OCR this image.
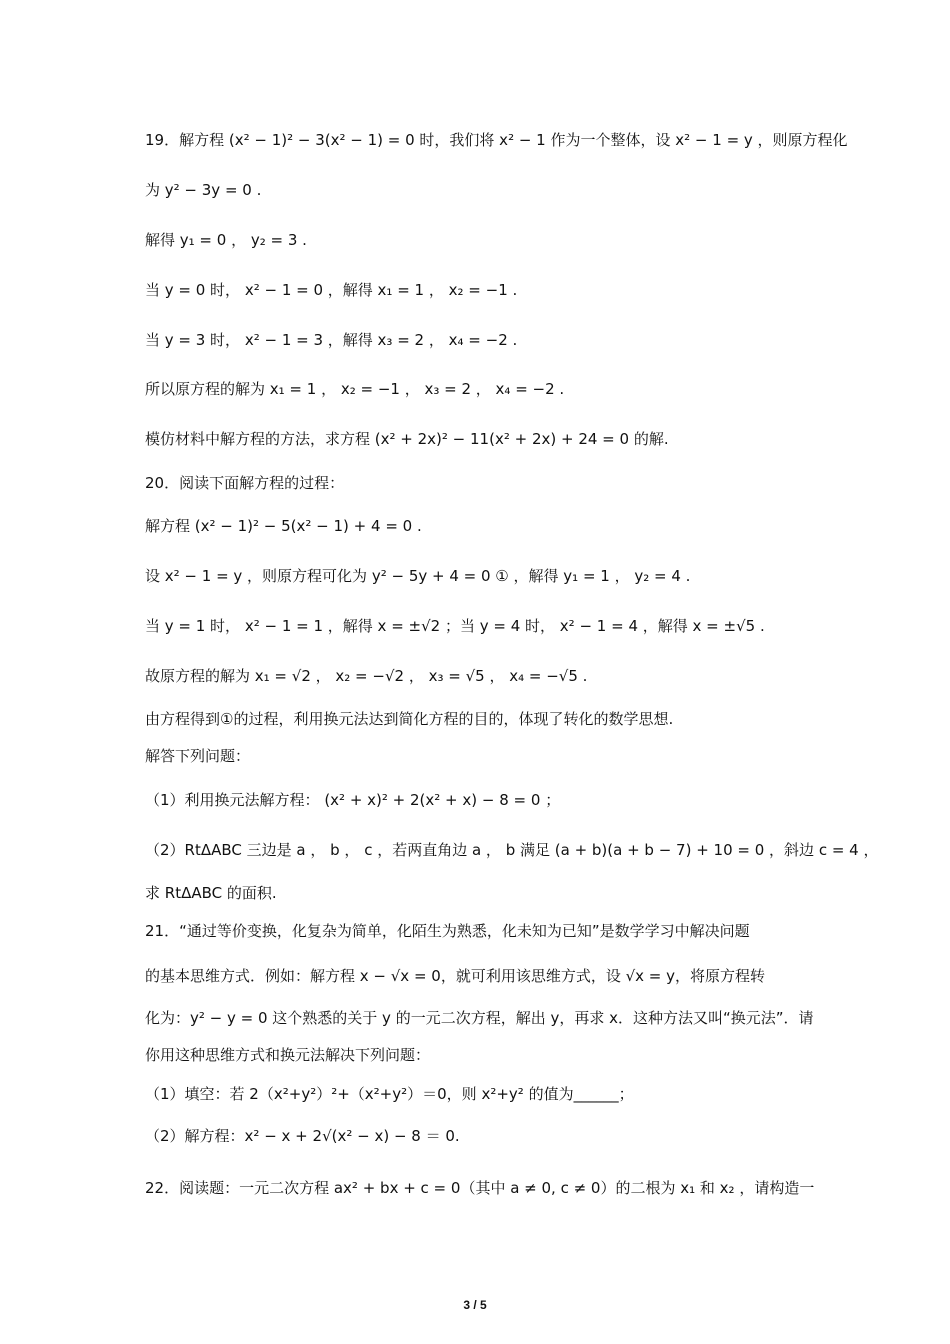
19．解方程 (x² − 1)² − 3(x² − 1) = 0 时，我们将 x² − 1 作为一个整体，设 x² − 1 = y ，则原方程化
为 y² − 3y = 0 .
解得 y₁ = 0 ， y₂ = 3 .
当 y = 0 时， x² − 1 = 0 ，解得 x₁ = 1 ， x₂ = −1 .
当 y = 3 时， x² − 1 = 3 ，解得 x₃ = 2 ， x₄ = −2 .
所以原方程的解为 x₁ = 1 ， x₂ = −1 ， x₃ = 2 ， x₄ = −2 .
模仿材料中解方程的方法，求方程 (x² + 2x)² − 11(x² + 2x) + 24 = 0 的解.
20．阅读下面解方程的过程：
解方程 (x² − 1)² − 5(x² − 1) + 4 = 0 .
设 x² − 1 = y ，则原方程可化为 y² − 5y + 4 = 0 ① ，解得 y₁ = 1 ， y₂ = 4 .
当 y = 1 时， x² − 1 = 1 ，解得 x = ±√2 ；当 y = 4 时， x² − 1 = 4 ，解得 x = ±√5 .
故原方程的解为 x₁ = √2 ， x₂ = −√2 ， x₃ = √5 ， x₄ = −√5 .
由方程得到①的过程，利用换元法达到简化方程的目的，体现了转化的数学思想.
解答下列问题：
（1）利用换元法解方程： (x² + x)² + 2(x² + x) − 8 = 0 ；
（2）RtΔABC 三边是 a ， b ， c ，若两直角边 a ， b 满足 (a + b)(a + b − 7) + 10 = 0 ，斜边 c = 4 ，
求 RtΔABC 的面积.
21．“通过等价变换，化复杂为简单，化陌生为熟悉，化未知为已知”是数学学习中解决问题
的基本思维方式．例如：解方程 x − √x = 0，就可利用该思维方式，设 √x = y，将原方程转
化为：y² − y = 0 这个熟悉的关于 y 的一元二次方程，解出 y，再求 x．这种方法又叫“换元法”．请
你用这种思维方式和换元法解决下列问题：
（1）填空：若 2（x²+y²）²+（x²+y²）＝0，则 x²+y² 的值为______；
（2）解方程：x² − x + 2√(x² − x) − 8 ＝ 0.
22．阅读题：一元二次方程 ax² + bx + c = 0（其中 a ≠ 0, c ≠ 0）的二根为 x₁ 和 x₂ ，请构造一
3 / 5
